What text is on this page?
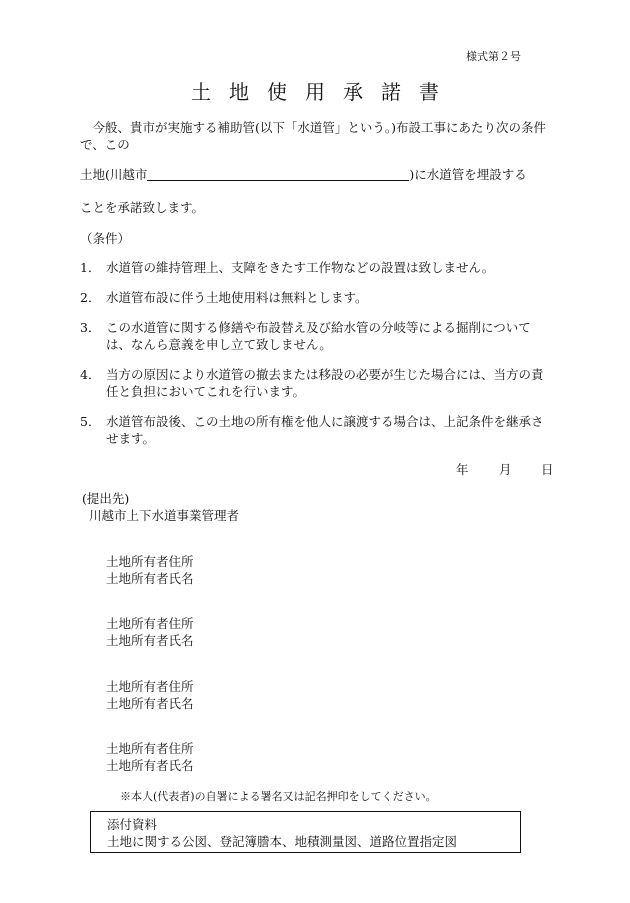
様式第２号
土地使用承諾書
今般、貴市が実施する補助管(以下「水道管」という。)布設工事にあたり次の条件で、この
土地(川越市	)に水道管を埋設する
ことを承諾致します。
（条件）
1． 水道管の維持管理上、支障をきたす工作物などの設置は致しません。
2． 水道管布設に伴う土地使用料は無料とします。
3． この水道管に関する修繕や布設替え及び給水管の分岐等による掘削については、なんら意義を申し立て致しません。
4． 当方の原因により水道管の撤去または移設の必要が生じた場合には、当方の責任と負担においてこれを行います。
5． 水道管布設後、この土地の所有権を他人に譲渡する場合は、上記条件を継承させます。
年 月 日
(提出先)
川越市上下水道事業管理者
土地所有者住所
土地所有者氏名
土地所有者住所
土地所有者氏名
土地所有者住所
土地所有者氏名
土地所有者住所
土地所有者氏名
※本人(代表者)の自署による署名又は記名押印をしてください。
添付資料
土地に関する公図、登記簿謄本、地積測量図、道路位置指定図
